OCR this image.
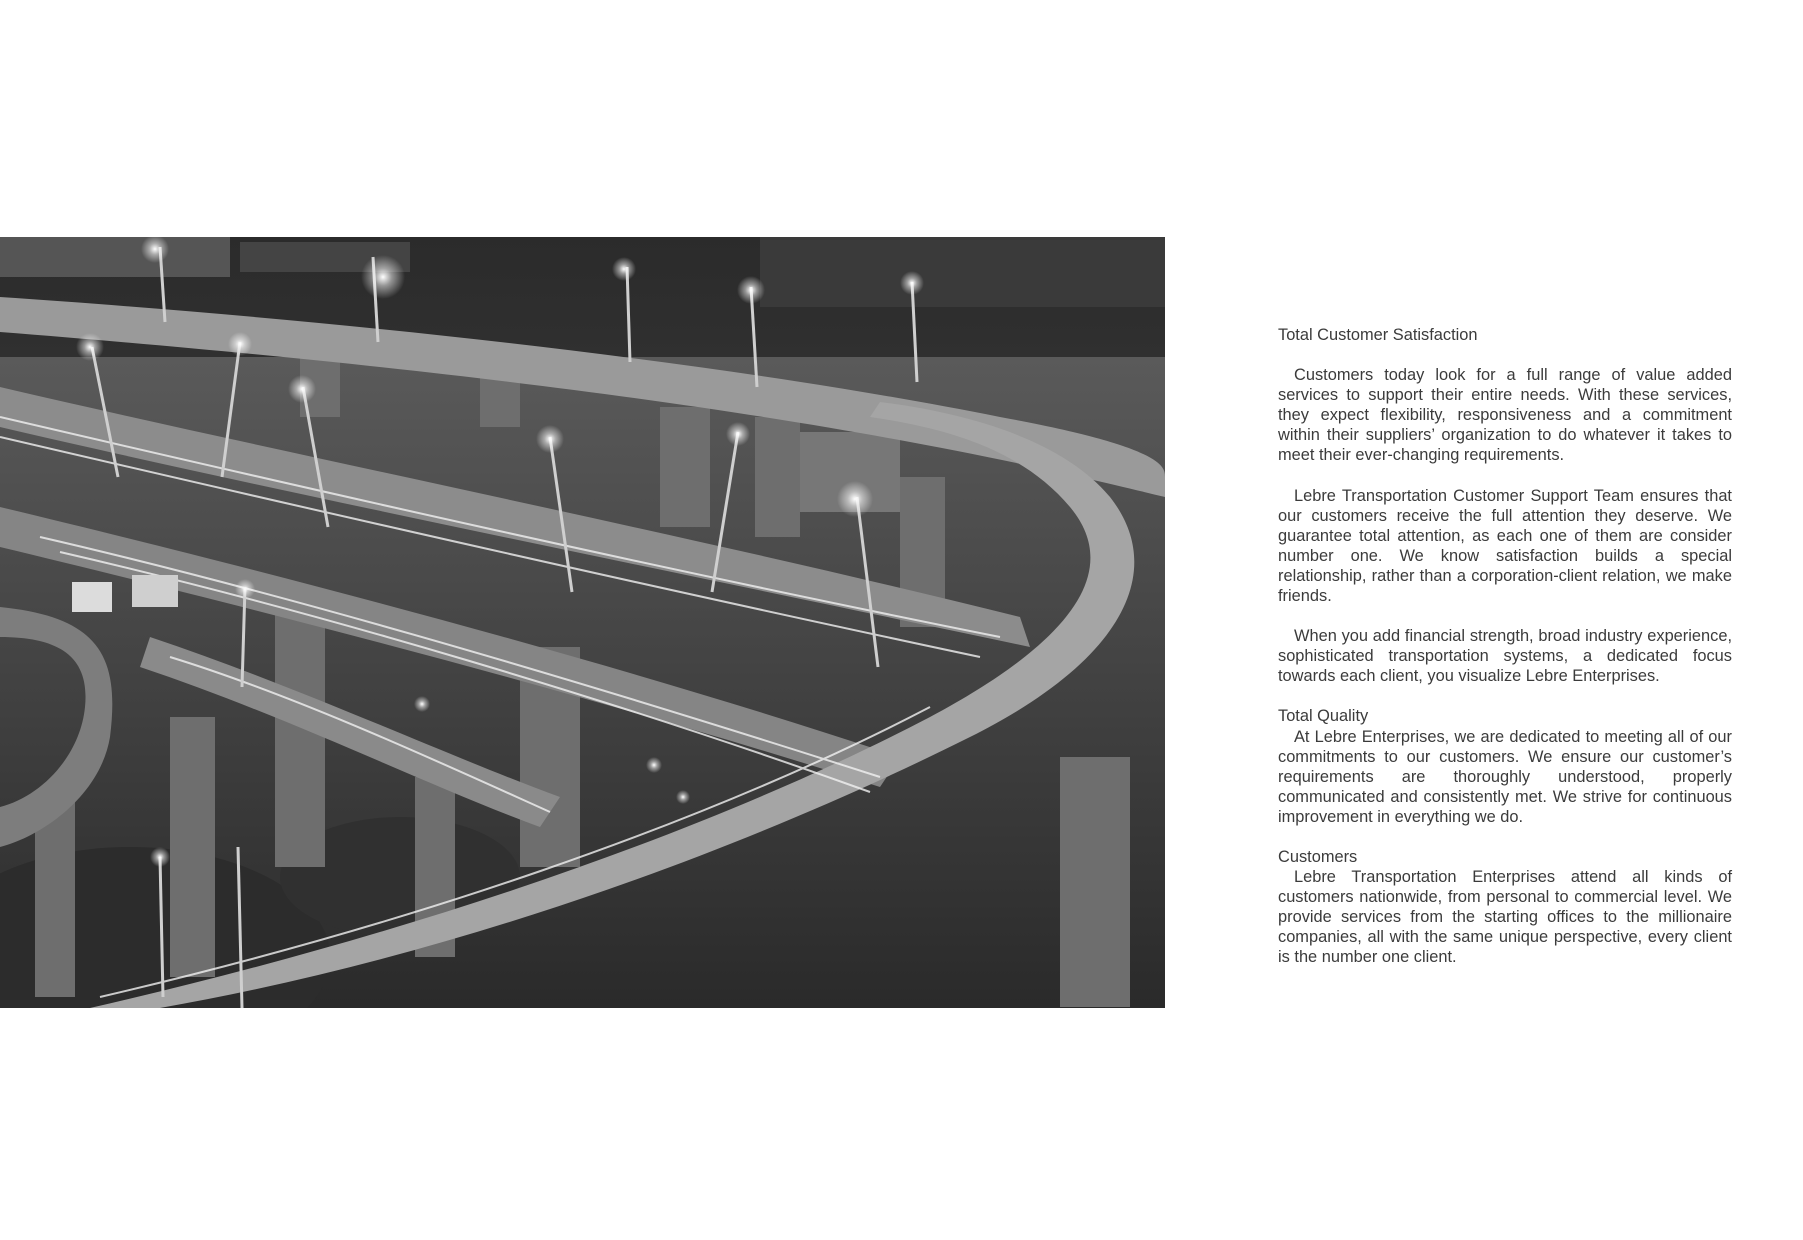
Total Customer Satisfaction

Customers today look for a full range of value added services to support their entire needs. With these services, they expect flexibility, responsiveness and a commitment within their suppliers’ organization to do whatever it takes to meet their ever-changing requirements.

Lebre Transportation Customer Support Team ensures that our customers receive the full attention they deserve. We guarantee total attention, as each one of them are consider number one. We know satisfaction builds a special relationship, rather than a corporation-client relation, we make friends.

When you add financial strength, broad industry experience, sophisticated transportation systems, a dedicated focus towards each client, you visualize Lebre Enterprises.

Total Quality

At Lebre Enterprises, we are dedicated to meeting all of our commitments to our customers. We ensure our customer’s requirements are thoroughly understood, properly communicated and consistently met. We strive for continuous improvement in everything we do.

Customers

Lebre Transportation Enterprises attend all kinds of customers nationwide, from personal to commercial level. We provide services from the starting offices to the millionaire companies, all with the same unique perspective, every client is the number one client.
